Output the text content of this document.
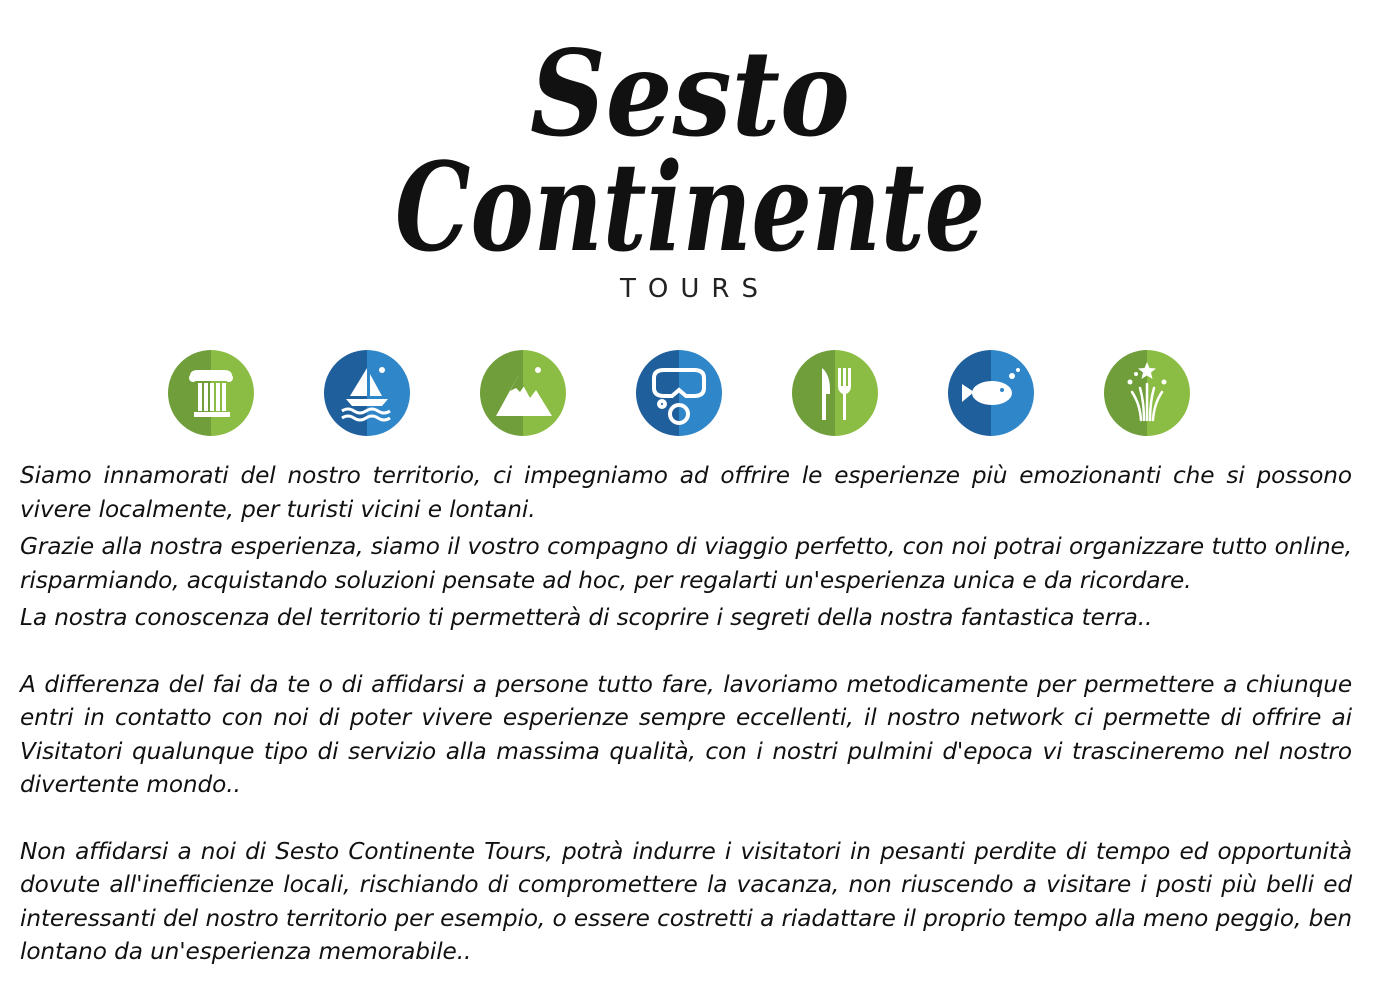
Sesto
Continente
TOURS

Siamo innamorati del nostro territorio, ci impegniamo ad offrire le esperienze più emozionanti che si possono vivere localmente, per turisti vicini e lontani.

Grazie alla nostra esperienza, siamo il vostro compagno di viaggio perfetto, con noi potrai organizzare tutto online, risparmiando, acquistando soluzioni pensate ad hoc, per regalarti un'esperienza unica e da ricordare.

La nostra conoscenza del territorio ti permetterà di scoprire i segreti della nostra fantastica terra..

A differenza del fai da te o di affidarsi a persone tutto fare, lavoriamo metodicamente per permettere a chiunque entri in contatto con noi di poter vivere esperienze sempre eccellenti, il nostro network ci permette di offrire ai Visitatori qualunque tipo di servizio alla massima qualità, con i nostri pulmini d'epoca vi trascineremo nel nostro divertente mondo..

Non affidarsi a noi di Sesto Continente Tours, potrà indurre i visitatori in pesanti perdite di tempo ed opportunità dovute all'inefficienze locali, rischiando di compromettere la vacanza, non riuscendo a visitare i posti più belli ed interessanti del nostro territorio per esempio, o essere costretti a riadattare il proprio tempo alla meno peggio, ben lontano da un'esperienza memorabile..
